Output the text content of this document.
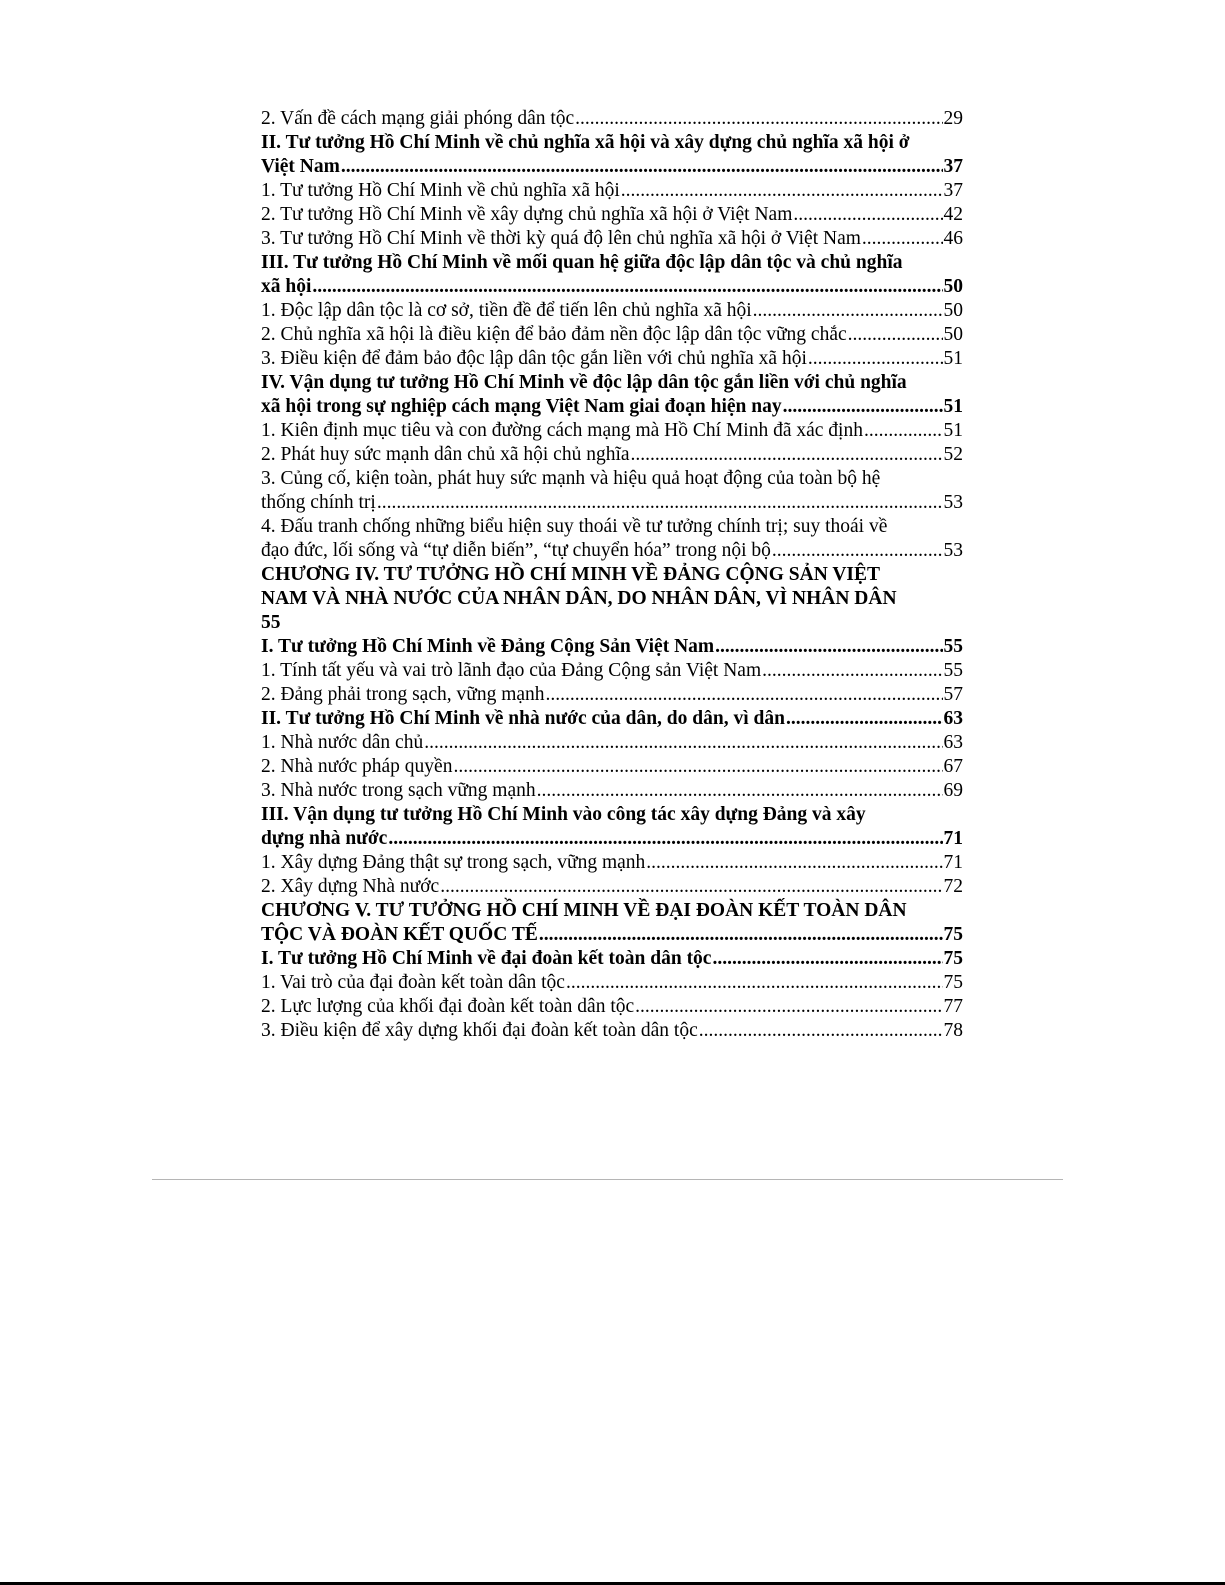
2. Vấn đề cách mạng giải phóng dân tộc .....	29
II. Tư tưởng Hồ Chí Minh về chủ nghĩa xã hội và xây dựng chủ nghĩa xã hội ở
Việt Nam .....	37
1. Tư tưởng Hồ Chí Minh về chủ nghĩa xã hội .....	37
2. Tư tưởng Hồ Chí Minh về xây dựng chủ nghĩa xã hội ở Việt Nam .....	42
3. Tư tưởng Hồ Chí Minh về thời kỳ quá độ lên chủ nghĩa xã hội ở Việt Nam .....	46
III. Tư tưởng Hồ Chí Minh về mối quan hệ giữa độc lập dân tộc và chủ nghĩa
xã hội .....	50
1. Độc lập dân tộc là cơ sở, tiền đề để tiến lên chủ nghĩa xã hội .....	50
2. Chủ nghĩa xã hội là điều kiện để bảo đảm nền độc lập dân tộc vững chắc .....	50
3. Điều kiện để đảm bảo độc lập dân tộc gắn liền với chủ nghĩa xã hội .....	51
IV. Vận dụng tư tưởng Hồ Chí Minh về độc lập dân tộc gắn liền với chủ nghĩa
xã hội trong sự nghiệp cách mạng Việt Nam giai đoạn hiện nay .....	51
1. Kiên định mục tiêu và con đường cách mạng mà Hồ Chí Minh đã xác định .....	51
2. Phát huy sức mạnh dân chủ xã hội chủ nghĩa .....	52
3. Củng cố, kiện toàn, phát huy sức mạnh và hiệu quả hoạt động của toàn bộ hệ
thống chính trị .....	53
4. Đấu tranh chống những biểu hiện suy thoái về tư tưởng chính trị; suy thoái về
đạo đức, lối sống và “tự diễn biến”, “tự chuyển hóa” trong nội bộ .....	53
CHƯƠNG IV. TƯ TƯỞNG HỒ CHÍ MINH VỀ ĐẢNG CỘNG SẢN VIỆT
NAM VÀ NHÀ NƯỚC CỦA NHÂN DÂN, DO NHÂN DÂN, VÌ NHÂN DÂN
55
I. Tư tưởng Hồ Chí Minh về Đảng Cộng Sản Việt Nam .....	55
1. Tính tất yếu và vai trò lãnh đạo của Đảng Cộng sản Việt Nam .....	55
2. Đảng phải trong sạch, vững mạnh .....	57
II. Tư tưởng Hồ Chí Minh về nhà nước của dân, do dân, vì dân .....	63
1. Nhà nước dân chủ .....	63
2. Nhà nước pháp quyền .....	67
3. Nhà nước trong sạch vững mạnh .....	69
III. Vận dụng tư tưởng Hồ Chí Minh vào công tác xây dựng Đảng và xây
dựng nhà nước .....	71
1. Xây dựng Đảng thật sự trong sạch, vững mạnh .....	71
2. Xây dựng Nhà nước .....	72
CHƯƠNG V. TƯ TƯỞNG HỒ CHÍ MINH VỀ ĐẠI ĐOÀN KẾT TOÀN DÂN
TỘC VÀ ĐOÀN KẾT QUỐC TẾ .....	75
I. Tư tưởng Hồ Chí Minh về đại đoàn kết toàn dân tộc .....	75
1. Vai trò của đại đoàn kết toàn dân tộc .....	75
2. Lực lượng của khối đại đoàn kết toàn dân tộc .....	77
3. Điều kiện để xây dựng khối đại đoàn kết toàn dân tộc .....	78
